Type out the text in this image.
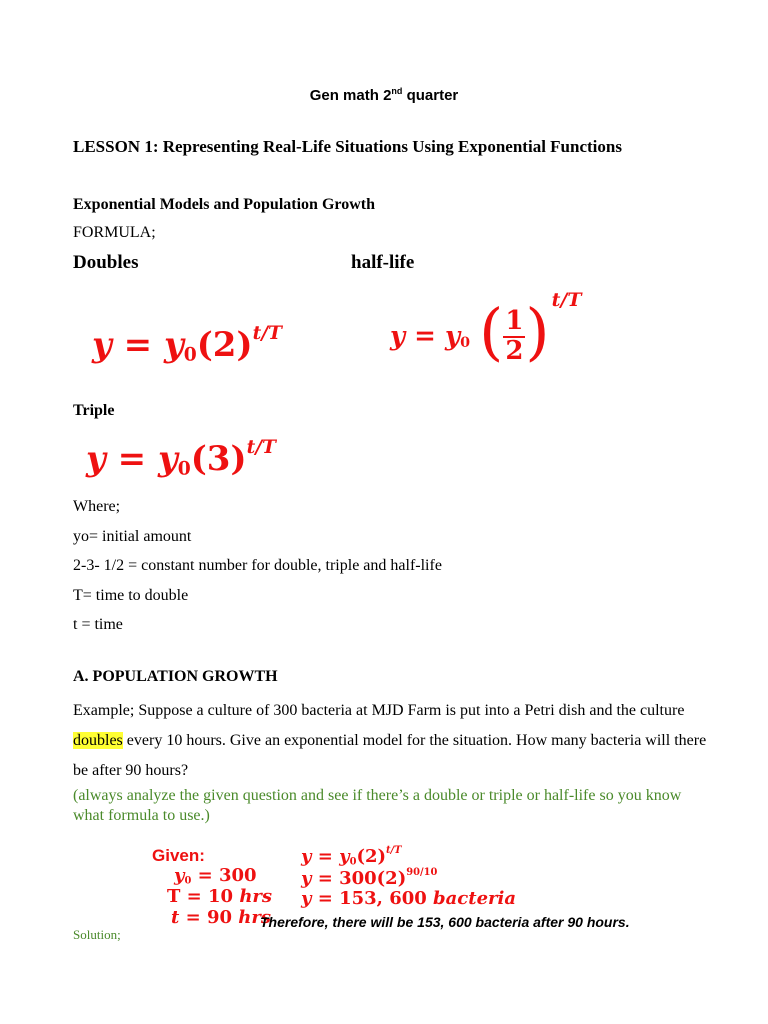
Gen math 2nd quarter
LESSON 1: Representing Real-Life Situations Using Exponential Functions
Exponential Models and Population Growth
FORMULA;
Doubles	half-life
$y = y_0(2)^{t/T}$	$y = y_0$ ( $\frac{1}{2}$ ) $^{t/T}$
Triple
$y = y_0(3)^{t/T}$
Where;
yo= initial amount
2-3- 1/2 = constant number for double, triple and half-life
T= time to double
t = time
A. POPULATION GROWTH
Example; Suppose a culture of 300 bacteria at MJD Farm is put into a Petri dish and the culture doubles every 10 hours. Give an exponential model for the situation. How many bacteria will there be after 90 hours?
(always analyze the given question and see if there’s a double or triple or half-life so you know what formula to use.)
Given:
$y_0 = 300$
T = 10 hrs
t = 90 hrs
$y = y_0(2)^{t/T}$
$y = 300(2)^{90/10}$
y = 153, 600 bacteria
Therefore, there will be 153, 600 bacteria after 90 hours.
Solution;
